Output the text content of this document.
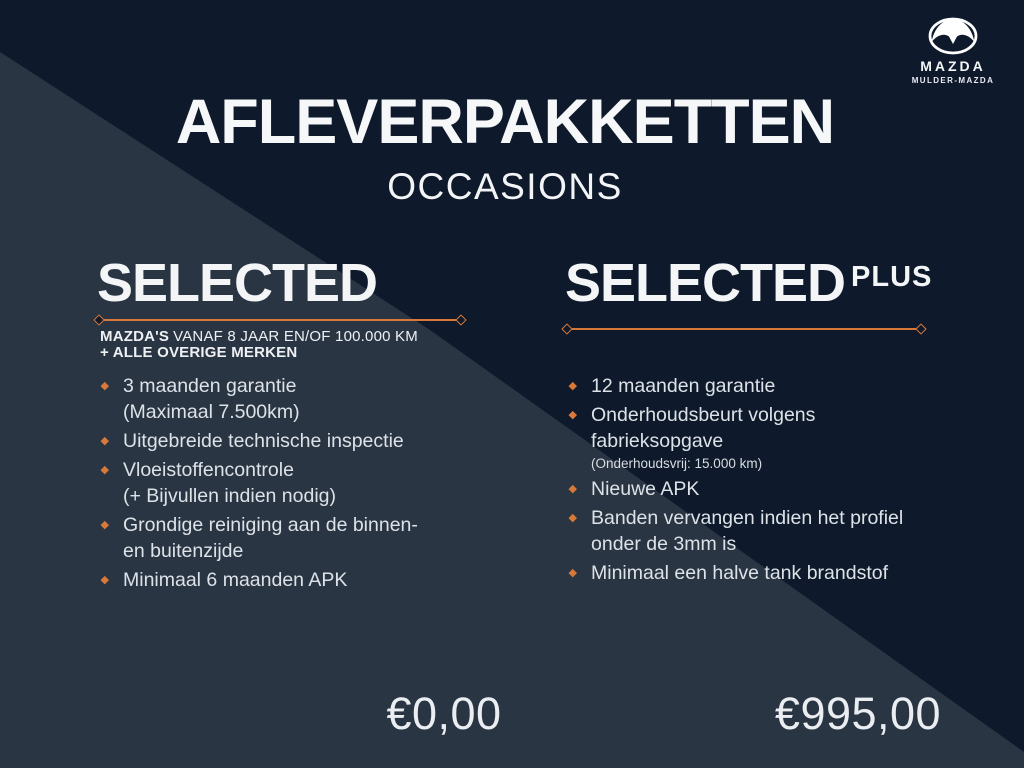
MAZDA
MULDER-MAZDA
AFLEVERPAKKETTEN
OCCASIONS
SELECTED
MAZDA'S VANAF 8 JAAR EN/OF 100.000 KM
+ ALLE OVERIGE MERKEN
3 maanden garantie
(Maximaal 7.500km)
Uitgebreide technische inspectie
Vloeistoffencontrole
(+ Bijvullen indien nodig)
Grondige reiniging aan de binnen-
en buitenzijde
Minimaal 6 maanden APK
SELECTED PLUS
12 maanden garantie
Onderhoudsbeurt volgens
fabrieksopgave
(Onderhoudsvrij: 15.000 km)
Nieuwe APK
Banden vervangen indien het profiel
onder de 3mm is
Minimaal een halve tank brandstof
€0,00	€995,00
